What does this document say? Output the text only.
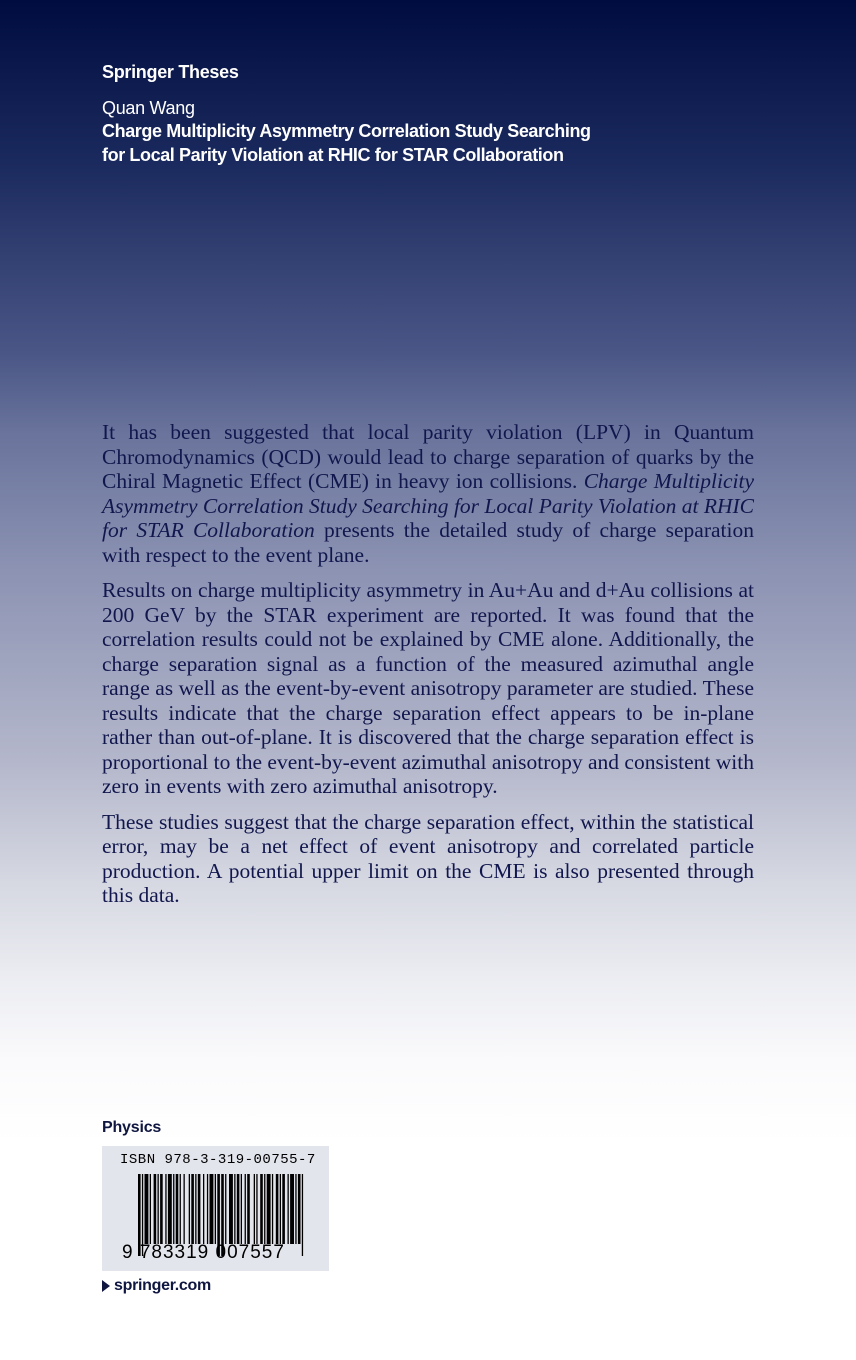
Springer Theses
Quan Wang
Charge Multiplicity Asymmetry Correlation Study Searching
for Local Parity Violation at RHIC for STAR Collaboration

It has been suggested that local parity violation (LPV) in Quantum Chromodynamics (QCD) would lead to charge separation of quarks by the Chiral Magnetic Effect (CME) in heavy ion collisions. Charge Multiplicity Asymmetry Correlation Study Searching for Local Parity Violation at RHIC for STAR Collaboration presents the detailed study of charge separation with respect to the event plane.

Results on charge multiplicity asymmetry in Au+Au and d+Au collisions at 200 GeV by the STAR experiment are reported. It was found that the correlation results could not be explained by CME alone. Additionally, the charge separation signal as a function of the measured azimuthal angle range as well as the event-by-event anisotropy parameter are studied. These results indicate that the charge separation effect appears to be in-plane rather than out-of-plane. It is discovered that the charge separation effect is proportional to the event-by-event azimuthal anisotropy and consistent with zero in events with zero azimuthal anisotropy.

These studies suggest that the charge separation effect, within the statistical error, may be a net effect of event anisotropy and correlated particle production. A potential upper limit on the CME is also presented through this data.

Physics
ISBN 978-3-319-00755-7
9 783319 007557
springer.com
